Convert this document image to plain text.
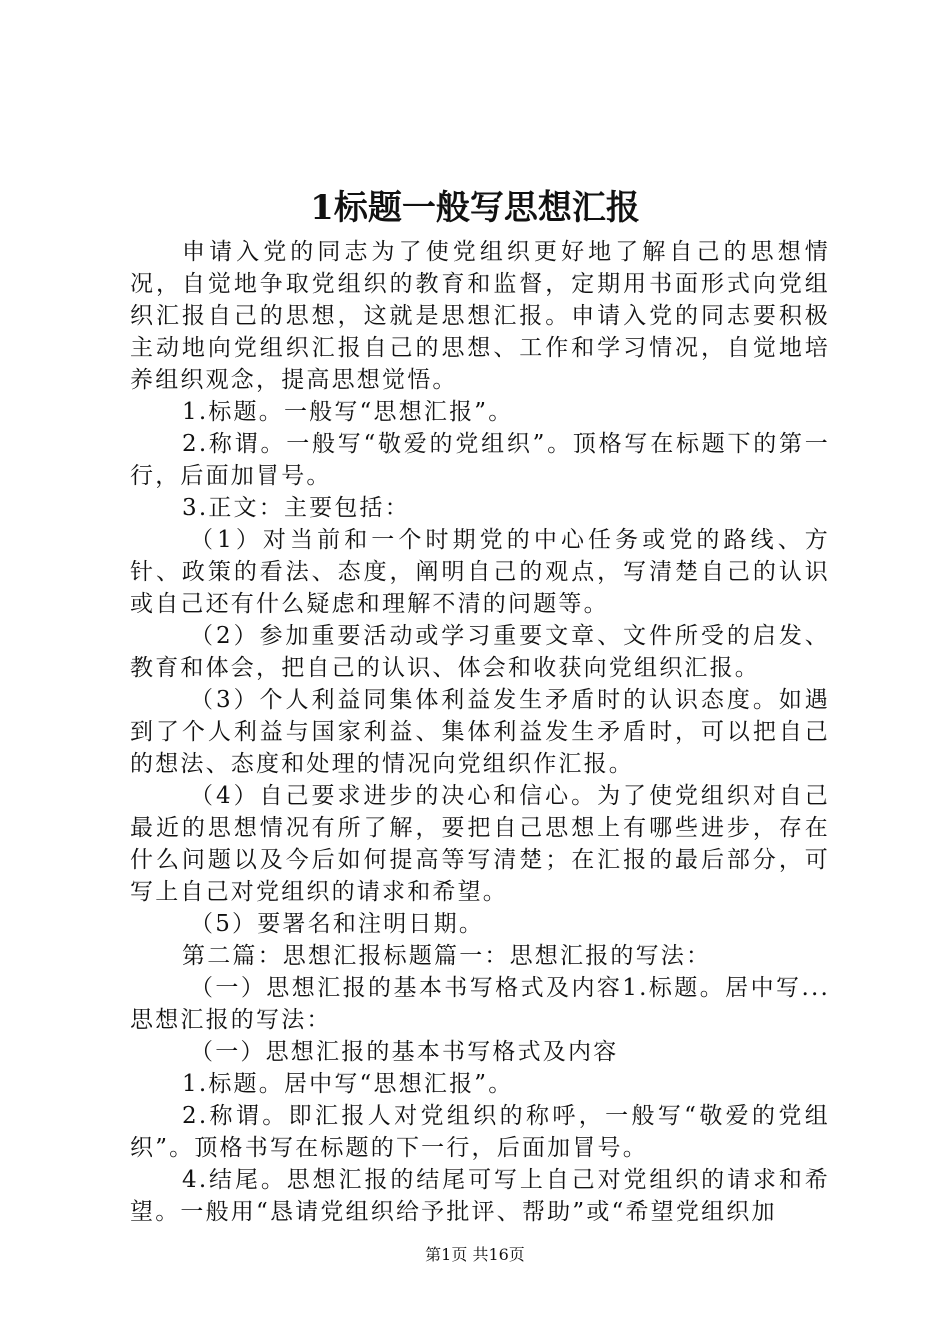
1标题一般写思想汇报

申请入党的同志为了使党组织更好地了解自己的思想情况，自觉地争取党组织的教育和监督，定期用书面形式向党组织汇报自己的思想，这就是思想汇报。申请入党的同志要积极主动地向党组织汇报自己的思想、工作和学习情况，自觉地培养组织观念，提高思想觉悟。

1.标题。一般写“思想汇报”。

2.称谓。一般写“敬爱的党组织”。顶格写在标题下的第一行，后面加冒号。

3.正文：主要包括：

（1）对当前和一个时期党的中心任务或党的路线、方针、政策的看法、态度，阐明自己的观点，写清楚自己的认识或自己还有什么疑虑和理解不清的问题等。

（2）参加重要活动或学习重要文章、文件所受的启发、教育和体会，把自己的认识、体会和收获向党组织汇报。

（3）个人利益同集体利益发生矛盾时的认识态度。如遇到了个人利益与国家利益、集体利益发生矛盾时，可以把自己的想法、态度和处理的情况向党组织作汇报。

（4）自己要求进步的决心和信心。为了使党组织对自己最近的思想情况有所了解，要把自己思想上有哪些进步，存在什么问题以及今后如何提高等写清楚；在汇报的最后部分，可写上自己对党组织的请求和希望。

（5）要署名和注明日期。

第二篇：思想汇报标题篇一：思想汇报的写法：

（一）思想汇报的基本书写格式及内容1.标题。居中写...思想汇报的写法：

（一）思想汇报的基本书写格式及内容

1.标题。居中写“思想汇报”。

2.称谓。即汇报人对党组织的称呼，一般写“敬爱的党组织”。顶格书写在标题的下一行，后面加冒号。

4.结尾。思想汇报的结尾可写上自己对党组织的请求和希望。一般用“恳请党组织给予批评、帮助”或“希望党组织加

第1页 共16页
